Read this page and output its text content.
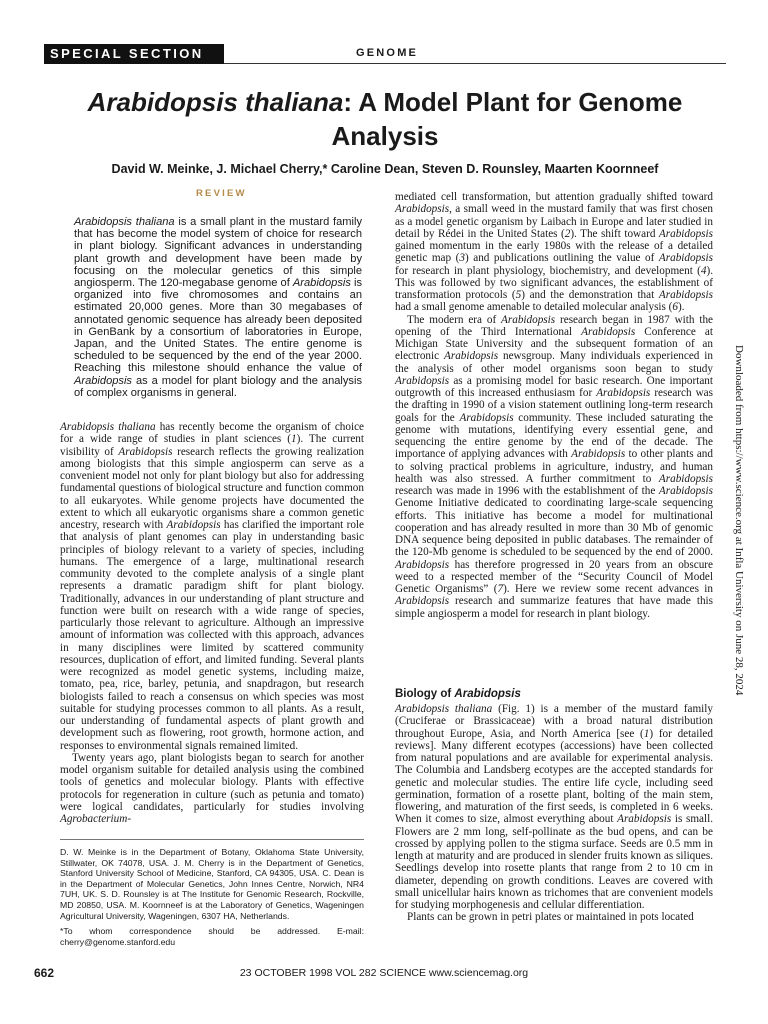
SPECIAL SECTION	GENOME
Arabidopsis thaliana: A Model Plant for Genome Analysis
David W. Meinke, J. Michael Cherry,* Caroline Dean, Steven D. Rounsley, Maarten Koornneef
REVIEW
Arabidopsis thaliana is a small plant in the mustard family that has become the model system of choice for research in plant biology. Significant advances in understanding plant growth and development have been made by focusing on the molecular genetics of this simple angiosperm. The 120-megabase genome of Arabidopsis is organized into five chromosomes and contains an estimated 20,000 genes. More than 30 megabases of annotated genomic sequence has already been deposited in GenBank by a consortium of laboratories in Europe, Japan, and the United States. The entire genome is scheduled to be sequenced by the end of the year 2000. Reaching this milestone should enhance the value of Arabidopsis as a model for plant biology and the analysis of complex organisms in general.

Arabidopsis thaliana has recently become the organism of choice for a wide range of studies in plant sciences (1). The current visibility of Arabidopsis research reflects the growing realization among biologists that this simple angiosperm can serve as a convenient model not only for plant biology but also for addressing fundamental questions of biological structure and function common to all eukaryotes. While genome projects have documented the extent to which all eukaryotic organisms share a common genetic ancestry, research with Arabidopsis has clarified the important role that analysis of plant genomes can play in understanding basic principles of biology relevant to a variety of species, including humans. The emergence of a large, multinational research community devoted to the complete analysis of a single plant represents a dramatic paradigm shift for plant biology. Traditionally, advances in our understanding of plant structure and function were built on research with a wide range of species, particularly those relevant to agriculture. Although an impressive amount of information was collected with this approach, advances in many disciplines were limited by scattered community resources, duplication of effort, and limited funding. Several plants were recognized as model genetic systems, including maize, tomato, pea, rice, barley, petunia, and snapdragon, but research biologists failed to reach a consensus on which species was most suitable for studying processes common to all plants. As a result, our understanding of fundamental aspects of plant growth and development such as flowering, root growth, hormone action, and responses to environmental signals remained limited.

Twenty years ago, plant biologists began to search for another model organism suitable for detailed analysis using the combined tools of genetics and molecular biology. Plants with effective protocols for regeneration in culture (such as petunia and tomato) were logical candidates, particularly for studies involving Agrobacterium-

D. W. Meinke is in the Department of Botany, Oklahoma State University, Stillwater, OK 74078, USA. J. M. Cherry is in the Department of Genetics, Stanford University School of Medicine, Stanford, CA 94305, USA. C. Dean is in the Department of Molecular Genetics, John Innes Centre, Norwich, NR4 7UH, UK. S. D. Rounsley is at The Institute for Genomic Research, Rockville, MD 20850, USA. M. Koornneef is at the Laboratory of Genetics, Wageningen Agricultural University, Wageningen, 6307 HA, Netherlands.

*To whom correspondence should be addressed. E-mail: cherry@genome.stanford.edu

mediated cell transformation, but attention gradually shifted toward Arabidopsis, a small weed in the mustard family that was first chosen as a model genetic organism by Laibach in Europe and later studied in detail by Rédei in the United States (2). The shift toward Arabidopsis gained momentum in the early 1980s with the release of a detailed genetic map (3) and publications outlining the value of Arabidopsis for research in plant physiology, biochemistry, and development (4). This was followed by two significant advances, the establishment of transformation protocols (5) and the demonstration that Arabidopsis had a small genome amenable to detailed molecular analysis (6).

The modern era of Arabidopsis research began in 1987 with the opening of the Third International Arabidopsis Conference at Michigan State University and the subsequent formation of an electronic Arabidopsis newsgroup. Many individuals experienced in the analysis of other model organisms soon began to study Arabidopsis as a promising model for basic research. One important outgrowth of this increased enthusiasm for Arabidopsis research was the drafting in 1990 of a vision statement outlining long-term research goals for the Arabidopsis community. These included saturating the genome with mutations, identifying every essential gene, and sequencing the entire genome by the end of the decade. The importance of applying advances with Arabidopsis to other plants and to solving practical problems in agriculture, industry, and human health was also stressed. A further commitment to Arabidopsis research was made in 1996 with the establishment of the Arabidopsis Genome Initiative dedicated to coordinating large-scale sequencing efforts. This initiative has become a model for multinational cooperation and has already resulted in more than 30 Mb of genomic DNA sequence being deposited in public databases. The remainder of the 120-Mb genome is scheduled to be sequenced by the end of 2000. Arabidopsis has therefore progressed in 20 years from an obscure weed to a respected member of the “Security Council of Model Genetic Organisms” (7). Here we review some recent advances in Arabidopsis research and summarize features that have made this simple angiosperm a model for research in plant biology.

Biology of Arabidopsis

Arabidopsis thaliana (Fig. 1) is a member of the mustard family (Cruciferae or Brassicaceae) with a broad natural distribution throughout Europe, Asia, and North America [see (1) for detailed reviews]. Many different ecotypes (accessions) have been collected from natural populations and are available for experimental analysis. The Columbia and Landsberg ecotypes are the accepted standards for genetic and molecular studies. The entire life cycle, including seed germination, formation of a rosette plant, bolting of the main stem, flowering, and maturation of the first seeds, is completed in 6 weeks. When it comes to size, almost everything about Arabidopsis is small. Flowers are 2 mm long, self-pollinate as the bud opens, and can be crossed by applying pollen to the stigma surface. Seeds are 0.5 mm in length at maturity and are produced in slender fruits known as siliques. Seedlings develop into rosette plants that range from 2 to 10 cm in diameter, depending on growth conditions. Leaves are covered with small unicellular hairs known as trichomes that are convenient models for studying morphogenesis and cellular differentiation.

Plants can be grown in petri plates or maintained in pots located

662	23 OCTOBER 1998 VOL 282 SCIENCE www.sciencemag.org
Downloaded from https://www.science.org at Infla University on June 28, 2024
